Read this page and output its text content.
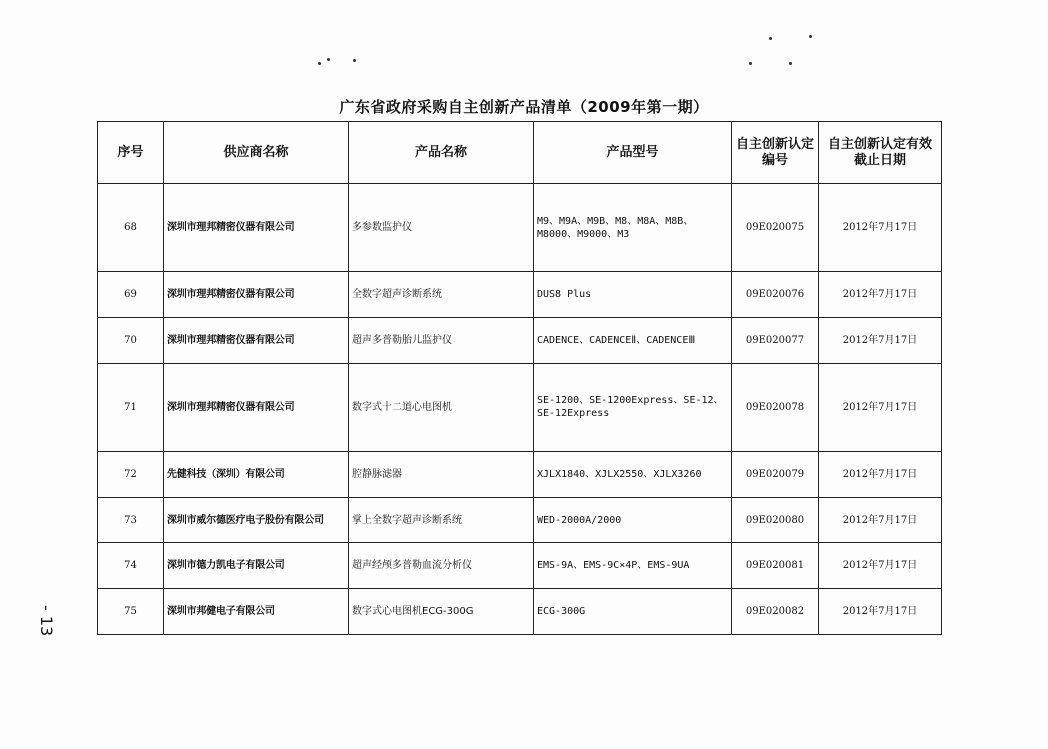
广东省政府采购自主创新产品清单（2009年第一期）
序号	供应商名称	产品名称	产品型号	自主创新认定编号	自主创新认定有效截止日期
68	深圳市理邦精密仪器有限公司	多参数监护仪	M9、M9A、M9B、M8、M8A、M8B、M8000、M9000、M3	09E020075	2012年7月17日
69	深圳市理邦精密仪器有限公司	全数字超声诊断系统	DUS8 Plus	09E020076	2012年7月17日
70	深圳市理邦精密仪器有限公司	超声多普勒胎儿监护仪	CADENCE、CADENCEⅡ、CADENCEⅢ	09E020077	2012年7月17日
71	深圳市理邦精密仪器有限公司	数字式十二道心电图机	SE-1200、SE-1200Express、SE-12、SE-12Express	09E020078	2012年7月17日
72	先健科技（深圳）有限公司	腔静脉滤器	XJLX1840、XJLX2550、XJLX3260	09E020079	2012年7月17日
73	深圳市威尔德医疗电子股份有限公司	掌上全数字超声诊断系统	WED-2000A/2000	09E020080	2012年7月17日
74	深圳市德力凯电子有限公司	超声经颅多普勒血流分析仪	EMS-9A、EMS-9C×4P、EMS-9UA	09E020081	2012年7月17日
75	深圳市邦健电子有限公司	数字式心电图机ECG-300G	ECG-300G	09E020082	2012年7月17日
- 13
